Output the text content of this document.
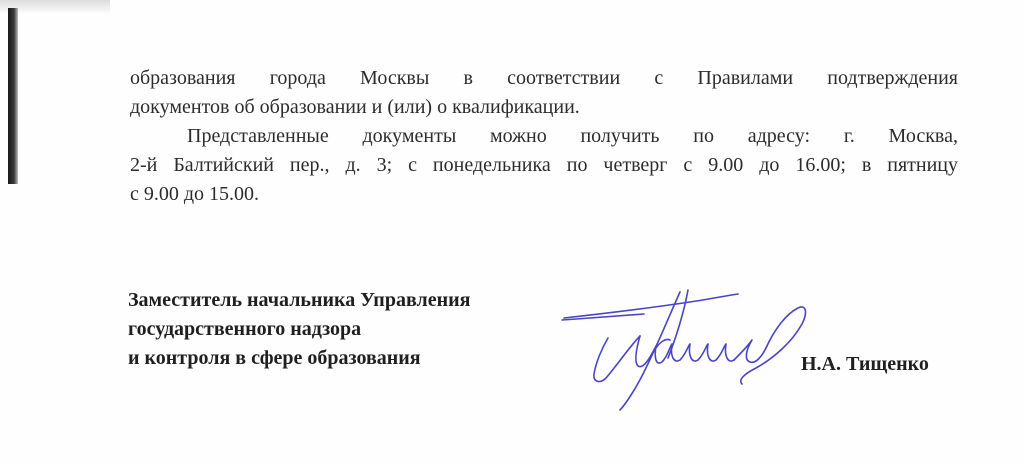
образования города Москвы в соответствии с Правилами подтверждения
документов об образовании и (или) о квалификации.

Представленные документы можно получить по адресу: г. Москва,
2-й Балтийский пер., д. 3; с понедельника по четверг с 9.00 до 16.00; в пятницу
с 9.00 до 15.00.

Заместитель начальника Управления
государственного надзора
и контроля в сфере образования	Н.А. Тищенко
